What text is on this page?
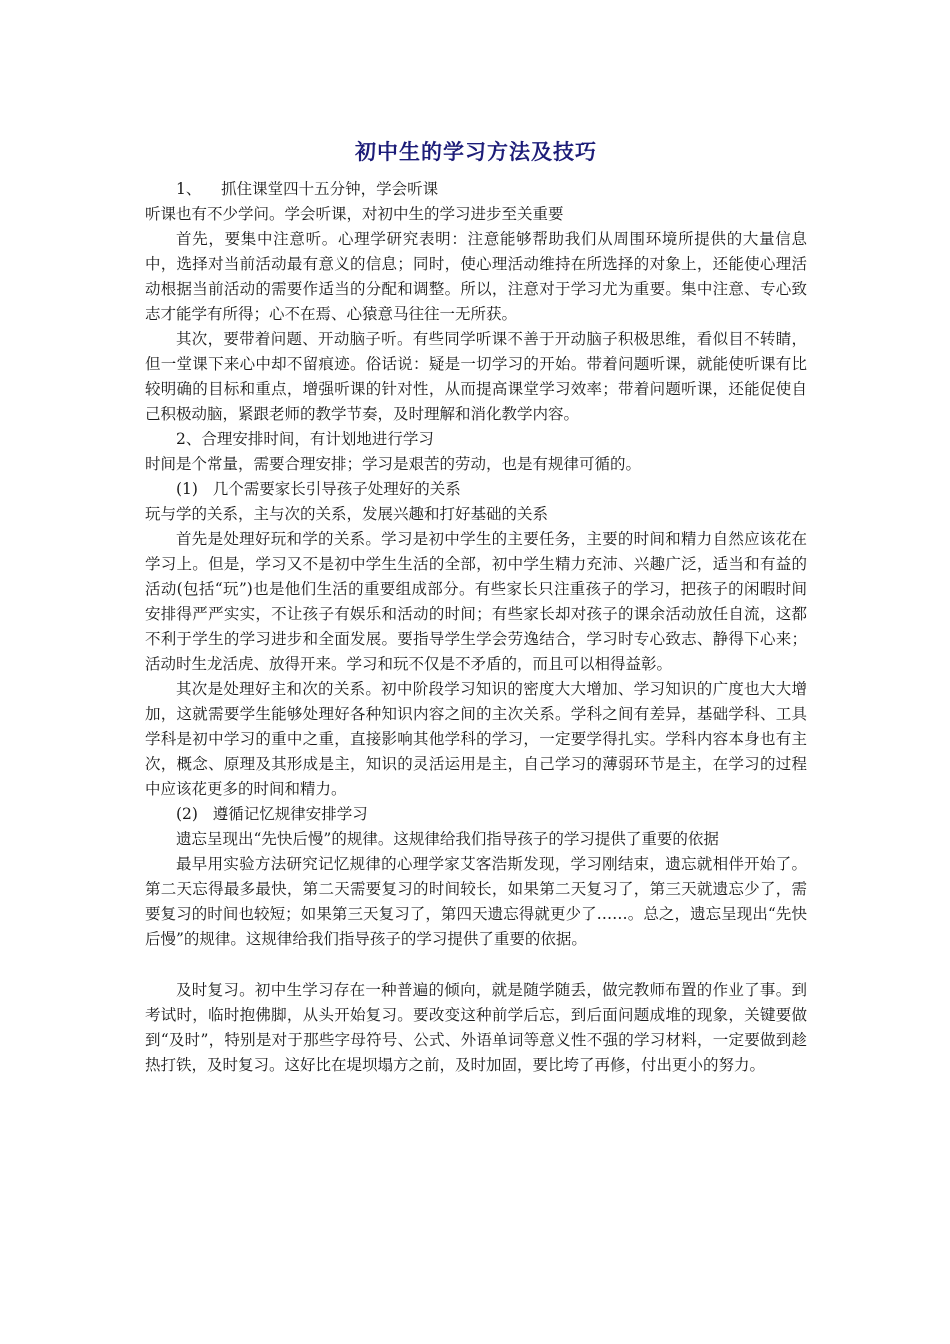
初中生的学习方法及技巧

1、 抓住课堂四十五分钟，学会听课

听课也有不少学问。学会听课，对初中生的学习进步至关重要

首先，要集中注意听。心理学研究表明：注意能够帮助我们从周围环境所提供的大量信息中，选择对当前活动最有意义的信息；同时，使心理活动维持在所选择的对象上，还能使心理活动根据当前活动的需要作适当的分配和调整。所以，注意对于学习尤为重要。集中注意、专心致志才能学有所得；心不在焉、心猿意马往往一无所获。

其次，要带着问题、开动脑子听。有些同学听课不善于开动脑子积极思维，看似目不转睛，但一堂课下来心中却不留痕迹。俗话说：疑是一切学习的开始。带着问题听课，就能使听课有比较明确的目标和重点，增强听课的针对性，从而提高课堂学习效率；带着问题听课，还能促使自己积极动脑，紧跟老师的教学节奏，及时理解和消化教学内容。

2、合理安排时间，有计划地进行学习

时间是个常量，需要合理安排；学习是艰苦的劳动，也是有规律可循的。

(1) 几个需要家长引导孩子处理好的关系

玩与学的关系，主与次的关系，发展兴趣和打好基础的关系

首先是处理好玩和学的关系。学习是初中学生的主要任务，主要的时间和精力自然应该花在学习上。但是，学习又不是初中学生生活的全部，初中学生精力充沛、兴趣广泛，适当和有益的活动(包括“玩”)也是他们生活的重要组成部分。有些家长只注重孩子的学习，把孩子的闲暇时间安排得严严实实，不让孩子有娱乐和活动的时间；有些家长却对孩子的课余活动放任自流，这都不利于学生的学习进步和全面发展。要指导学生学会劳逸结合，学习时专心致志、静得下心来；活动时生龙活虎、放得开来。学习和玩不仅是不矛盾的，而且可以相得益彰。

其次是处理好主和次的关系。初中阶段学习知识的密度大大增加、学习知识的广度也大大增加，这就需要学生能够处理好各种知识内容之间的主次关系。学科之间有差异，基础学科、工具学科是初中学习的重中之重，直接影响其他学科的学习，一定要学得扎实。学科内容本身也有主次，概念、原理及其形成是主，知识的灵活运用是主，自己学习的薄弱环节是主，在学习的过程中应该花更多的时间和精力。

(2) 遵循记忆规律安排学习

遗忘呈现出“先快后慢”的规律。这规律给我们指导孩子的学习提供了重要的依据

最早用实验方法研究记忆规律的心理学家艾客浩斯发现，学习刚结束，遗忘就相伴开始了。第二天忘得最多最快，第二天需要复习的时间较长，如果第二天复习了，第三天就遗忘少了，需要复习的时间也较短；如果第三天复习了，第四天遗忘得就更少了……。总之，遗忘呈现出“先快后慢”的规律。这规律给我们指导孩子的学习提供了重要的依据。

及时复习。初中生学习存在一种普遍的倾向，就是随学随丢，做完教师布置的作业了事。到考试时，临时抱佛脚，从头开始复习。要改变这种前学后忘，到后面问题成堆的现象，关键要做到“及时”，特别是对于那些字母符号、公式、外语单词等意义性不强的学习材料，一定要做到趁热打铁，及时复习。这好比在堤坝塌方之前，及时加固，要比垮了再修，付出更小的努力。
